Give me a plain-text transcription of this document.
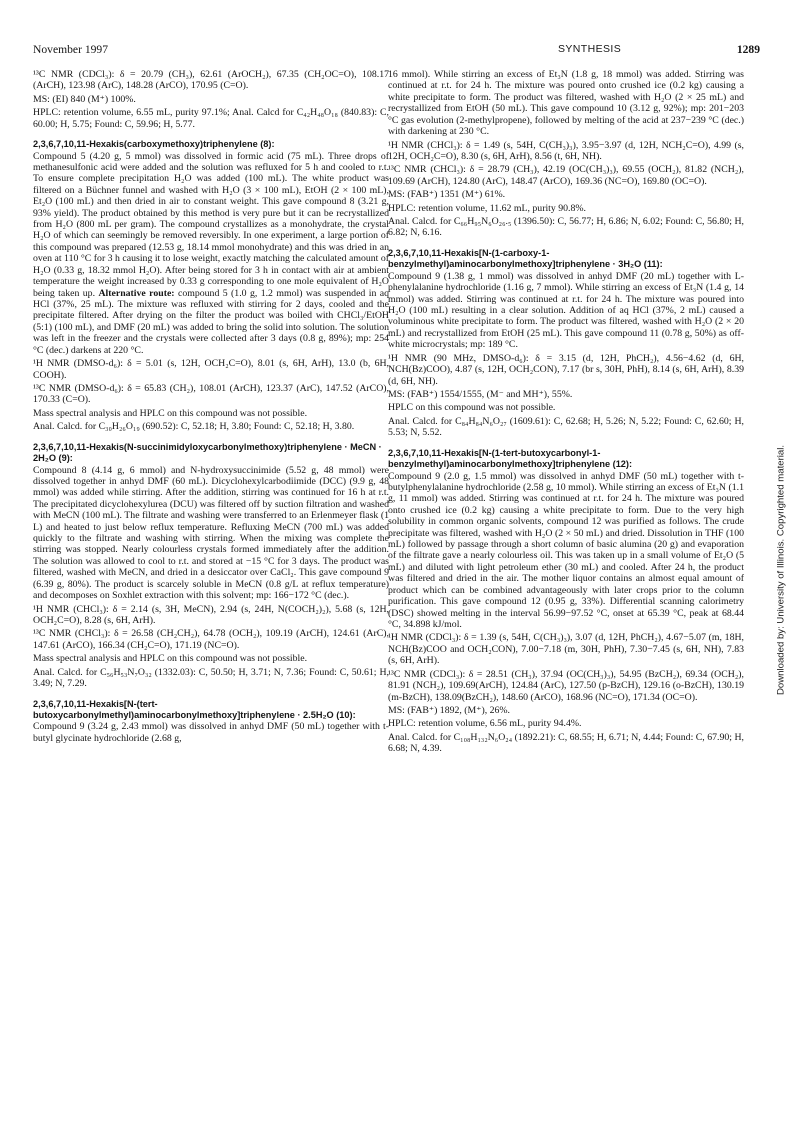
November 1997	SYNTHESIS	1289
¹³C NMR (CDCl₃): δ = 20.79 (CH₃), 62.61 (ArOCH₂), 67.35 (CH₂OC=O), 108.17 (ArCH), 123.98 (ArC), 148.28 (ArCO), 170.95 (C=O).
MS: (EI) 840 (M⁺) 100%.
HPLC: retention volume, 6.55 mL, purity 97.1%; Anal. Calcd for C₄₂H₄₈O₁₈ (840.83): C, 60.00; H, 5.75; Found: C, 59.96; H, 5.77.
2,3,6,7,10,11-Hexakis(carboxymethoxy)triphenylene (8):
Compound 5 (4.20 g, 5 mmol) was dissolved in formic acid (75 mL). Three drops of methanesulfonic acid were added and the solution was refluxed for 5 h and cooled to r.t. To ensure complete precipitation H₂O was added (100 mL). The white product was filtered on a Büchner funnel and washed with H₂O (3 × 100 mL), EtOH (2 × 100 mL), Et₂O (100 mL) and then dried in air to constant weight. This gave compound 8 (3.21 g, 93% yield). The product obtained by this method is very pure but it can be recrystallized from H₂O (800 mL per gram). The compound crystallizes as a monohydrate, the crystal H₂O of which can seemingly be removed reversibly. In one experiment, a large portion of this compound was prepared (12.53 g, 18.14 mmol monohydrate) and this was dried in an oven at 110 °C for 3 h causing it to lose weight, exactly matching the calculated amount of H₂O (0.33 g, 18.32 mmol H₂O). After being stored for 3 h in contact with air at ambient temperature the weight increased by 0.33 g corresponding to one mole equivalent of H₂O being taken up. Alternative route: compound 5 (1.0 g, 1.2 mmol) was suspended in aq HCl (37%, 25 mL). The mixture was refluxed with stirring for 2 days, cooled and the precipitate filtered. After drying on the filter the product was boiled with CHCl₃/EtOH (5:1) (100 mL), and DMF (20 mL) was added to bring the solid into solution. The solution was left in the freezer and the crystals were collected after 3 days (0.8 g, 89%); mp: 254 °C (dec.) darkens at 220 °C.
¹H NMR (DMSO-d₆): δ = 5.01 (s, 12H, OCH₂C=O), 8.01 (s, 6H, ArH), 13.0 (b, 6H, COOH).
¹³C NMR (DMSO-d₆): δ = 65.83 (CH₂), 108.01 (ArCH), 123.37 (ArC), 147.52 (ArCO), 170.33 (C=O).
Mass spectral analysis and HPLC on this compound was not possible.
Anal. Calcd. for C₃₀H₂₆O₁₉ (690.52): C, 52.18; H, 3.80; Found: C, 52.18; H, 3.80.
2,3,6,7,10,11-Hexakis(N-succinimidyloxycarbonylmethoxy)triphenylene · MeCN · 2H₂O (9):
Compound 8 (4.14 g, 6 mmol) and N-hydroxysuccinimide (5.52 g, 48 mmol) were dissolved together in anhyd DMF (60 mL). Dicyclohexylcarbodiimide (DCC) (9.9 g, 48 mmol) was added while stirring. After the addition, stirring was continued for 16 h at r.t. The precipitated dicyclohexylurea (DCU) was filtered off by suction filtration and washed with MeCN (100 mL). The filtrate and washing were transferred to an Erlenmeyer flask (1 L) and heated to just below reflux temperature. Refluxing MeCN (700 mL) was added quickly to the filtrate and washing with stirring. When the mixing was complete the stirring was stopped. Nearly colourless crystals formed immediately after the addition. The solution was allowed to cool to r.t. and stored at −15 °C for 3 days. The product was filtered, washed with MeCN, and dried in a desiccator over CaCl₂. This gave compound 9 (6.39 g, 80%). The product is scarcely soluble in MeCN (0.8 g/L at reflux temperature) and decomposes on Soxhlet extraction with this solvent; mp: 166−172 °C (dec.).
¹H NMR (CHCl₃): δ = 2.14 (s, 3H, MeCN), 2.94 (s, 24H, N(COCH₂)₂), 5.68 (s, 12H, OCH₂C=O), 8.28 (s, 6H, ArH).
¹³C NMR (CHCl₃): δ = 26.58 (CH₂CH₂), 64.78 (OCH₂), 109.19 (ArCH), 124.61 (ArC), 147.61 (ArCO), 166.34 (CH₂C=O), 171.19 (NC=O).
Mass spectral analysis and HPLC on this compound was not possible.
Anal. Calcd. for C₅₆H₅₃N₇O₃₂ (1332.03): C, 50.50; H, 3.71; N, 7.36; Found: C, 50.61; H, 3.49; N, 7.29.
2,3,6,7,10,11-Hexakis[N-(tert-butoxycarbonylmethyl)aminocarbonylmethoxy]triphenylene · 2.5H₂O (10):
Compound 9 (3.24 g, 2.43 mmol) was dissolved in anhyd DMF (50 mL) together with t-butyl glycinate hydrochloride (2.68 g,
16 mmol). While stirring an excess of Et₃N (1.8 g, 18 mmol) was added. Stirring was continued at r.t. for 24 h. The mixture was poured onto crushed ice (0.2 kg) causing a white precipitate to form. The product was filtered, washed with H₂O (2 × 25 mL) and recrystallized from EtOH (50 mL). This gave compound 10 (3.12 g, 92%); mp: 201−203 °C gas evolution (2-methylpropene), followed by melting of the acid at 237−239 °C (dec.) with darkening at 230 °C.
¹H NMR (CHCl₃): δ = 1.49 (s, 54H, C(CH₃)₃), 3.95−3.97 (d, 12H, NCH₂C=O), 4.99 (s, 12H, OCH₂C=O), 8.30 (s, 6H, ArH), 8.56 (t, 6H, NH).
¹³C NMR (CHCl₃): δ = 28.79 (CH₃), 42.19 (OC(CH₃)₃), 69.55 (OCH₂), 81.82 (NCH₂), 109.69 (ArCH), 124.80 (ArC), 148.47 (ArCO), 169.36 (NC=O), 169.80 (OC=O).
MS: (FAB⁺) 1351 (M⁺) 61%.
HPLC: retention volume, 11.62 mL, purity 90.8%.
Anal. Calcd. for C₆₆H₉₅N₆O₂₆.₅ (1396.50): C, 56.77; H, 6.86; N, 6.02; Found: C, 56.80; H, 6.82; N, 6.16.
2,3,6,7,10,11-Hexakis[N-(1-carboxy-1-benzylmethyl)aminocarbonylmethoxy]triphenylene · 3H₂O (11):
Compound 9 (1.38 g, 1 mmol) was dissolved in anhyd DMF (20 mL) together with L-phenylalanine hydrochloride (1.16 g, 7 mmol). While stirring an excess of Et₃N (1.4 g, 14 mmol) was added. Stirring was continued at r.t. for 24 h. The mixture was poured into H₂O (100 mL) resulting in a clear solution. Addition of aq HCl (37%, 2 mL) caused a voluminous white precipitate to form. The product was filtered, washed with H₂O (2 × 20 mL) and recrystallized from EtOH (25 mL). This gave compound 11 (0.78 g, 50%) as off-white microcrystals; mp: 189 °C.
¹H NMR (90 MHz, DMSO-d₆): δ = 3.15 (d, 12H, PhCH₂), 4.56−4.62 (d, 6H, NCH(Bz)COO), 4.87 (s, 12H, OCH₂CON), 7.17 (br s, 30H, PhH), 8.14 (s, 6H, ArH), 8.39 (d, 6H, NH).
MS: (FAB⁺) 1554/1555, (M⁻ and MH⁺), 55%.
HPLC on this compound was not possible.
Anal. Calcd. for C₈₄H₈₄N₆O₂₇ (1609.61): C, 62.68; H, 5.26; N, 5.22; Found: C, 62.60; H, 5.53; N, 5.52.
2,3,6,7,10,11-Hexakis[N-(1-tert-butoxycarbonyl-1-benzylmethyl)aminocarbonylmethoxy]triphenylene (12):
Compound 9 (2.0 g, 1.5 mmol) was dissolved in anhyd DMF (50 mL) together with t-butylphenylalanine hydrochloride (2.58 g, 10 mmol). While stirring an excess of Et₃N (1.1 g, 11 mmol) was added. Stirring was continued at r.t. for 24 h. The mixture was poured onto crushed ice (0.2 kg) causing a white precipitate to form. Due to the very high solubility in common organic solvents, compound 12 was purified as follows. The crude precipitate was filtered, washed with H₂O (2 × 50 mL) and dried. Dissolution in THF (100 mL) followed by passage through a short column of basic alumina (20 g) and evaporation of the filtrate gave a nearly colourless oil. This was taken up in a small volume of Et₂O (5 mL) and diluted with light petroleum ether (30 mL) and cooled. After 24 h, the product was filtered and dried in the air. The mother liquor contains an almost equal amount of product which can be combined advantageously with later crops prior to the column purification. This gave compound 12 (0.95 g, 33%). Differential scanning calorimetry (DSC) showed melting in the interval 56.99−97.52 °C, onset at 65.39 °C, peak at 68.44 °C, 34.898 kJ/mol.
¹H NMR (CDCl₃): δ = 1.39 (s, 54H, C(CH₃)₃), 3.07 (d, 12H, PhCH₂), 4.67−5.07 (m, 18H, NCH(Bz)COO and OCH₂CON), 7.00−7.18 (m, 30H, PhH), 7.30−7.45 (s, 6H, NH), 7.83 (s, 6H, ArH).
¹³C NMR (CDCl₃): δ = 28.51 (CH₃), 37.94 (OC(CH₃)₃), 54.95 (BzCH₂), 69.34 (OCH₂), 81.91 (NCH₂), 109.69(ArCH), 124.84 (ArC), 127.50 (p-BzCH), 129.16 (o-BzCH), 130.19 (m-BzCH), 138.09(BzCH₂), 148.60 (ArCO), 168.96 (NC=O), 171.34 (OC=O).
MS: (FAB⁺) 1892, (M⁺), 26%.
HPLC: retention volume, 6.56 mL, purity 94.4%.
Anal. Calcd. for C₁₀₈H₁₃₂N₆O₂₄ (1892.21): C, 68.55; H, 6.71; N, 4.44; Found: C, 67.90; H, 6.68; N, 4.39.
Downloaded by: University of Illinois. Copyrighted material.
